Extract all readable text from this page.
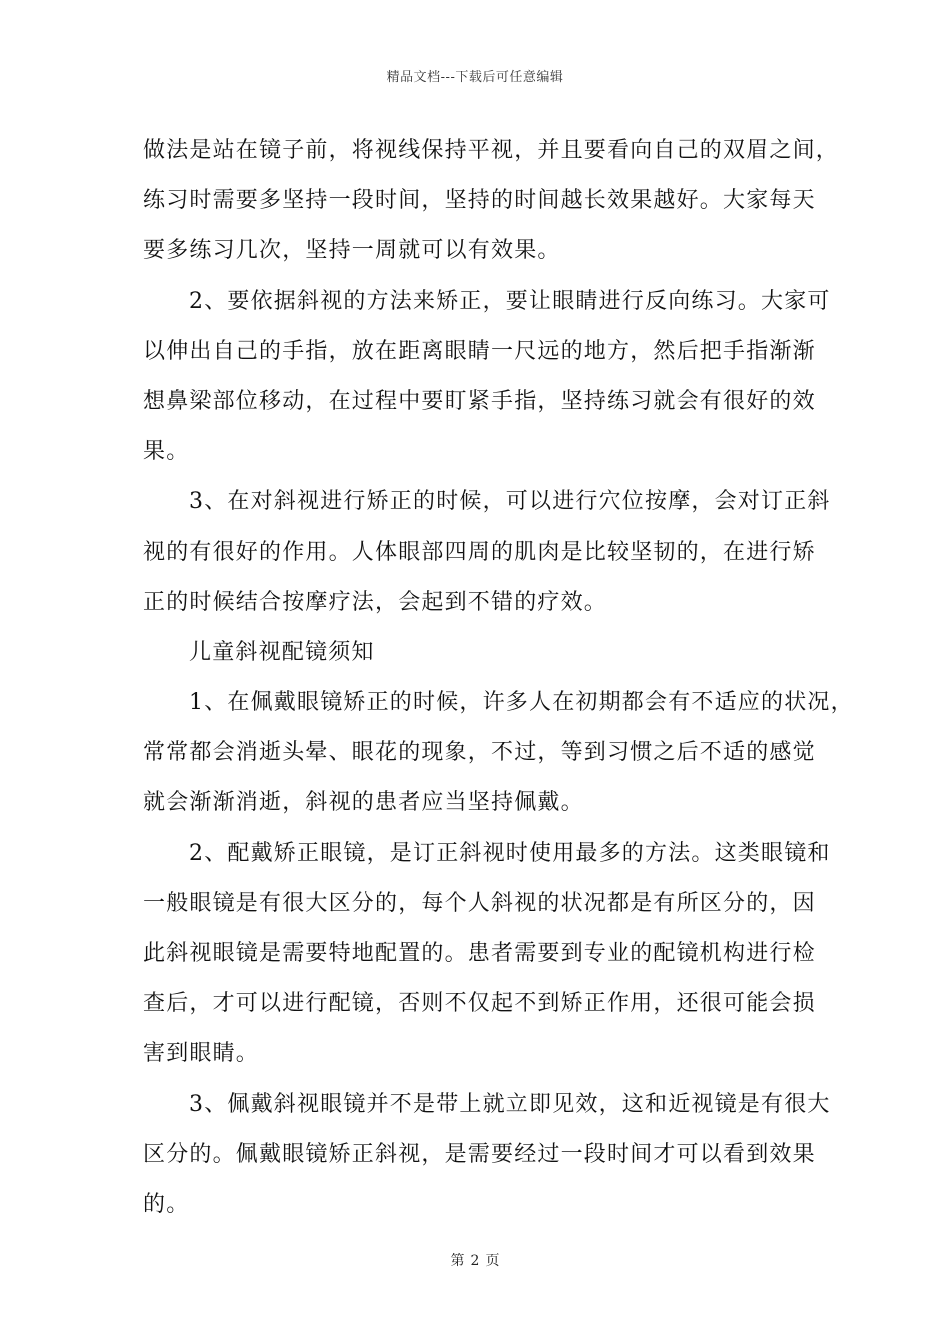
精品文档---下载后可任意编辑
做法是站在镜子前，将视线保持平视，并且要看向自己的双眉之间，
练习时需要多坚持一段时间，坚持的时间越长效果越好。大家每天
要多练习几次，坚持一周就可以有效果。
2、要依据斜视的方法来矫正，要让眼睛进行反向练习。大家可
以伸出自己的手指，放在距离眼睛一尺远的地方，然后把手指渐渐
想鼻梁部位移动，在过程中要盯紧手指，坚持练习就会有很好的效
果。
3、在对斜视进行矫正的时候，可以进行穴位按摩，会对订正斜
视的有很好的作用。人体眼部四周的肌肉是比较坚韧的，在进行矫
正的时候结合按摩疗法，会起到不错的疗效。
儿童斜视配镜须知
1、在佩戴眼镜矫正的时候，许多人在初期都会有不适应的状况，
常常都会消逝头晕、眼花的现象，不过，等到习惯之后不适的感觉
就会渐渐消逝，斜视的患者应当坚持佩戴。
2、配戴矫正眼镜，是订正斜视时使用最多的方法。这类眼镜和
一般眼镜是有很大区分的，每个人斜视的状况都是有所区分的，因
此斜视眼镜是需要特地配置的。患者需要到专业的配镜机构进行检
查后，才可以进行配镜，否则不仅起不到矫正作用，还很可能会损
害到眼睛。
3、佩戴斜视眼镜并不是带上就立即见效，这和近视镜是有很大
区分的。佩戴眼镜矫正斜视，是需要经过一段时间才可以看到效果
的。
第 2 页
